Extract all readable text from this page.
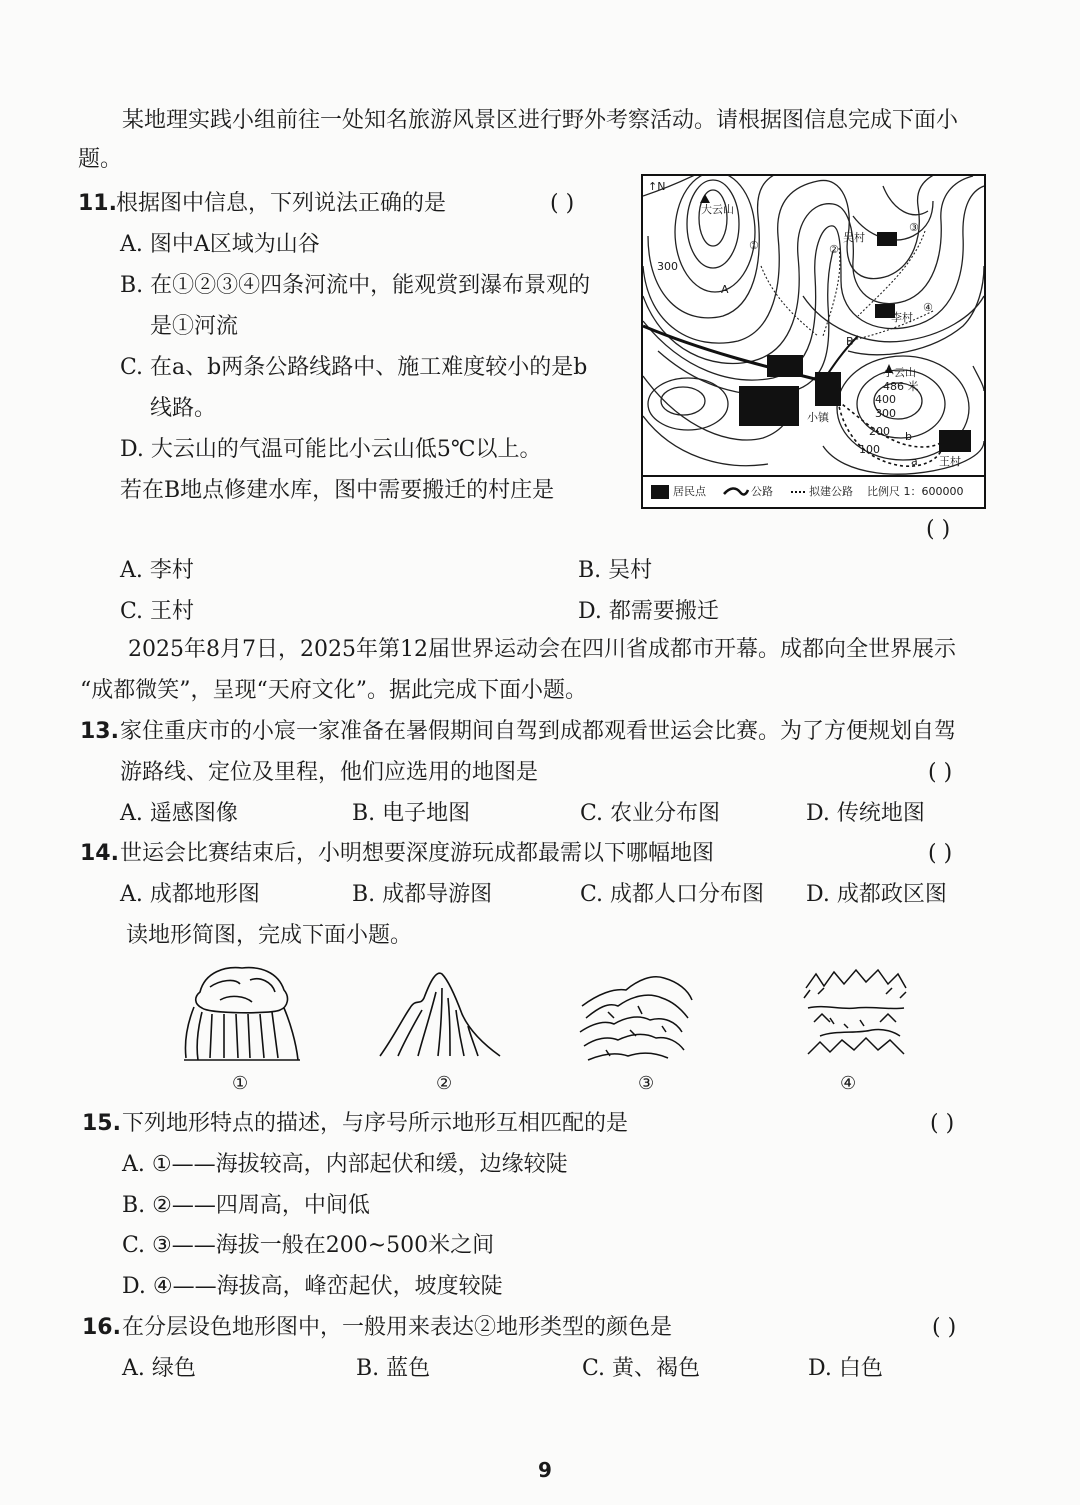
某地理实践小组前往一处知名旅游风景区进行野外考察活动。请根据图信息完成下面小
题。
11. 根据图中信息，下列说法正确的是	( )
A. 图中A区域为山谷
B. 在①②③④四条河流中，能观赏到瀑布景观的
是①河流
C. 在a、b两条公路线路中、施工难度较小的是b
线路。
D. 大云山的气温可能比小云山低5℃以上。
若在B地点修建水库，图中需要搬迁的村庄是
( )
A. 李村	B. 吴村
C. 王村	D. 都需要搬迁
↑N
大云山
300
A
B
①	②
③
④
吴村
李村
小云山
486 米
400
300
200
100
b
a
小镇
王村
居民点	公路	拟建公路 比例尺 1：600000
2025年8月7日，2025年第12届世界运动会在四川省成都市开幕。成都向全世界展示
“成都微笑”，呈现“天府文化”。据此完成下面小题。
13. 家住重庆市的小宸一家准备在暑假期间自驾到成都观看世运会比赛。为了方便规划自驾
游路线、定位及里程，他们应选用的地图是	( )
A. 遥感图像	B. 电子地图	C. 农业分布图	D. 传统地图
14. 世运会比赛结束后，小明想要深度游玩成都最需以下哪幅地图	( )
A. 成都地形图	B. 成都导游图	C. 成都人口分布图 D. 成都政区图
读地形简图，完成下面小题。
①	②	③	④
15. 下列地形特点的描述，与序号所示地形互相匹配的是	( )
A. ①——海拔较高，内部起伏和缓，边缘较陡
B. ②——四周高，中间低
C. ③——海拔一般在200~500米之间
D. ④——海拔高，峰峦起伏，坡度较陡
16. 在分层设色地形图中，一般用来表达②地形类型的颜色是	( )
A. 绿色	B. 蓝色	C. 黄、褐色	D. 白色
9
